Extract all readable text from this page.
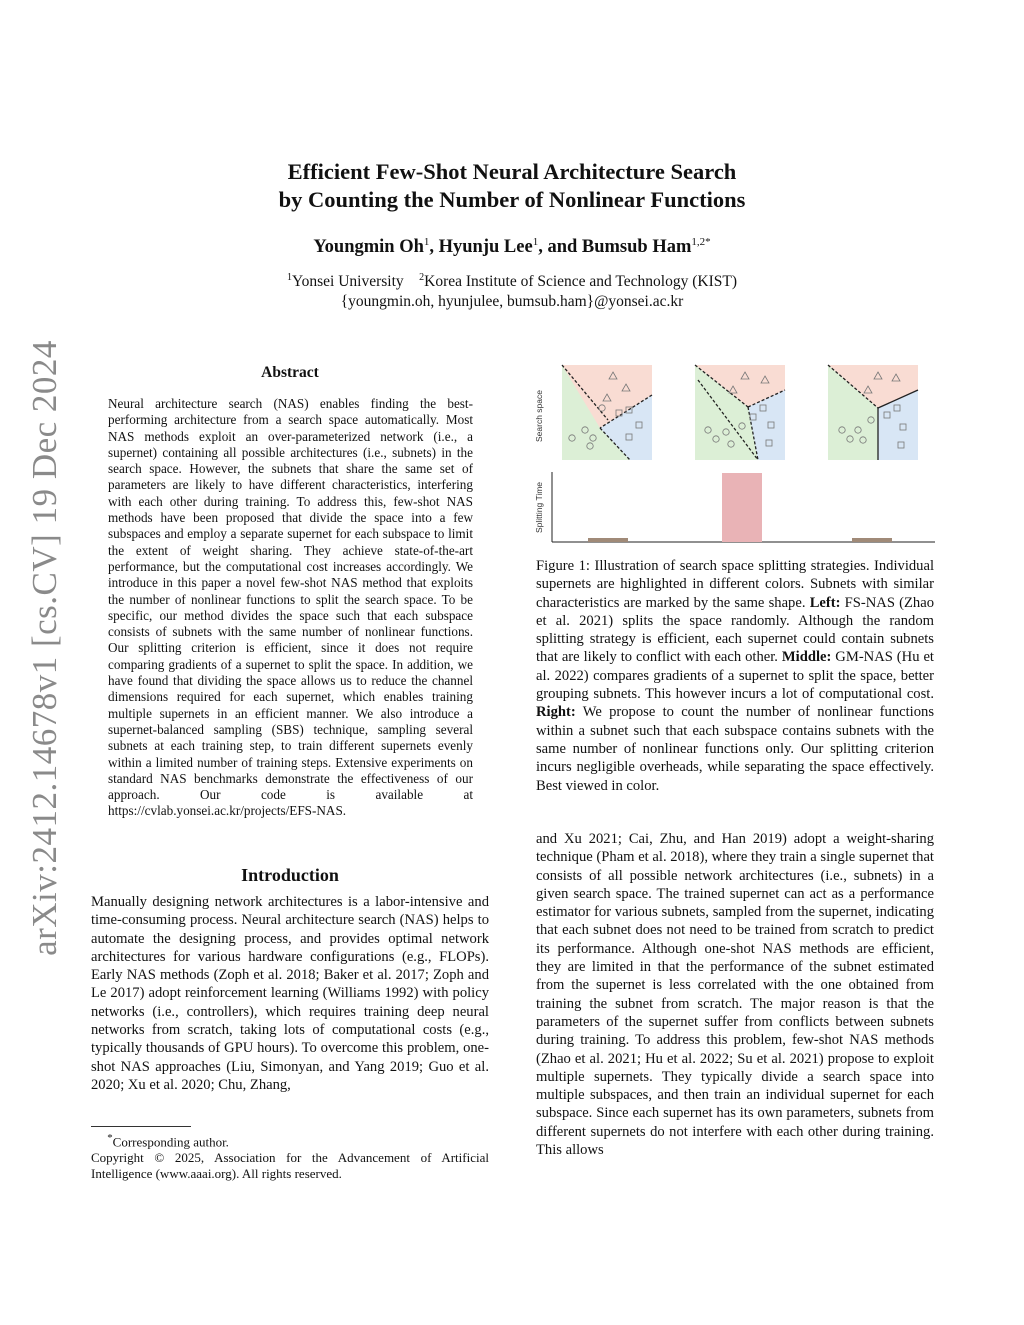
arXiv:2412.14678v1 [cs.CV] 19 Dec 2024
Efficient Few-Shot Neural Architecture Search
by Counting the Number of Nonlinear Functions
Youngmin Oh$^1$, Hyunju Lee$^1$, and Bumsub Ham$^{1,2*}$
$^1$Yonsei University $^2$Korea Institute of Science and Technology (KIST)
{youngmin.oh, hyunjulee, bumsub.ham}@yonsei.ac.kr
Abstract
Neural architecture search (NAS) enables finding the best-performing architecture from a search space automatically. Most NAS methods exploit an over-parameterized network (i.e., a supernet) containing all possible architectures (i.e., subnets) in the search space. However, the subnets that share the same set of parameters are likely to have different characteristics, interfering with each other during training. To address this, few-shot NAS methods have been proposed that divide the space into a few subspaces and employ a separate supernet for each subspace to limit the extent of weight sharing. They achieve state-of-the-art performance, but the computational cost increases accordingly. We introduce in this paper a novel few-shot NAS method that exploits the number of nonlinear functions to split the search space. To be specific, our method divides the space such that each subspace consists of subnets with the same number of nonlinear functions. Our splitting criterion is efficient, since it does not require comparing gradients of a supernet to split the space. In addition, we have found that dividing the space allows us to reduce the channel dimensions required for each supernet, which enables training multiple supernets in an efficient manner. We also introduce a supernet-balanced sampling (SBS) technique, sampling several subnets at each training step, to train different supernets evenly within a limited number of training steps. Extensive experiments on standard NAS benchmarks demonstrate the effectiveness of our approach. Our code is available at https://cvlab.yonsei.ac.kr/projects/EFS-NAS.
Introduction
Manually designing network architectures is a labor-intensive and time-consuming process. Neural architecture search (NAS) helps to automate the designing process, and provides optimal network architectures for various hardware configurations (e.g., FLOPs). Early NAS methods (Zoph et al. 2018; Baker et al. 2017; Zoph and Le 2017) adopt reinforcement learning (Williams 1992) with policy networks (i.e., controllers), which requires training deep neural networks from scratch, taking lots of computational costs (e.g., typically thousands of GPU hours). To overcome this problem, one-shot NAS approaches (Liu, Simonyan, and Yang 2019; Guo et al. 2020; Xu et al. 2020; Chu, Zhang,
*Corresponding author.
Copyright © 2025, Association for the Advancement of Artificial Intelligence (www.aaai.org). All rights reserved.
Search space
Splitting Time
Figure 1: Illustration of search space splitting strategies. Individual supernets are highlighted in different colors. Subnets with similar characteristics are marked by the same shape. Left: FS-NAS (Zhao et al. 2021) splits the space randomly. Although the random splitting strategy is efficient, each supernet could contain subnets that are likely to conflict with each other. Middle: GM-NAS (Hu et al. 2022) compares gradients of a supernet to split the space, better grouping subnets. This however incurs a lot of computational cost. Right: We propose to count the number of nonlinear functions within a subnet such that each subspace contains subnets with the same number of nonlinear functions only. Our splitting criterion incurs negligible overheads, while separating the space effectively. Best viewed in color.
and Xu 2021; Cai, Zhu, and Han 2019) adopt a weight-sharing technique (Pham et al. 2018), where they train a single supernet that consists of all possible network architectures (i.e., subnets) in a given search space. The trained supernet can act as a performance estimator for various subnets, sampled from the supernet, indicating that each subnet does not need to be trained from scratch to predict its performance. Although one-shot NAS methods are efficient, they are limited in that the performance of the subnet estimated from the supernet is less correlated with the one obtained from training the subnet from scratch. The major reason is that the parameters of the supernet suffer from conflicts between subnets during training. To address this problem, few-shot NAS methods (Zhao et al. 2021; Hu et al. 2022; Su et al. 2021) propose to exploit multiple supernets. They typically divide a search space into multiple subspaces, and then train an individual supernet for each subspace. Since each supernet has its own parameters, subnets from different supernets do not interfere with each other during training. This allows
